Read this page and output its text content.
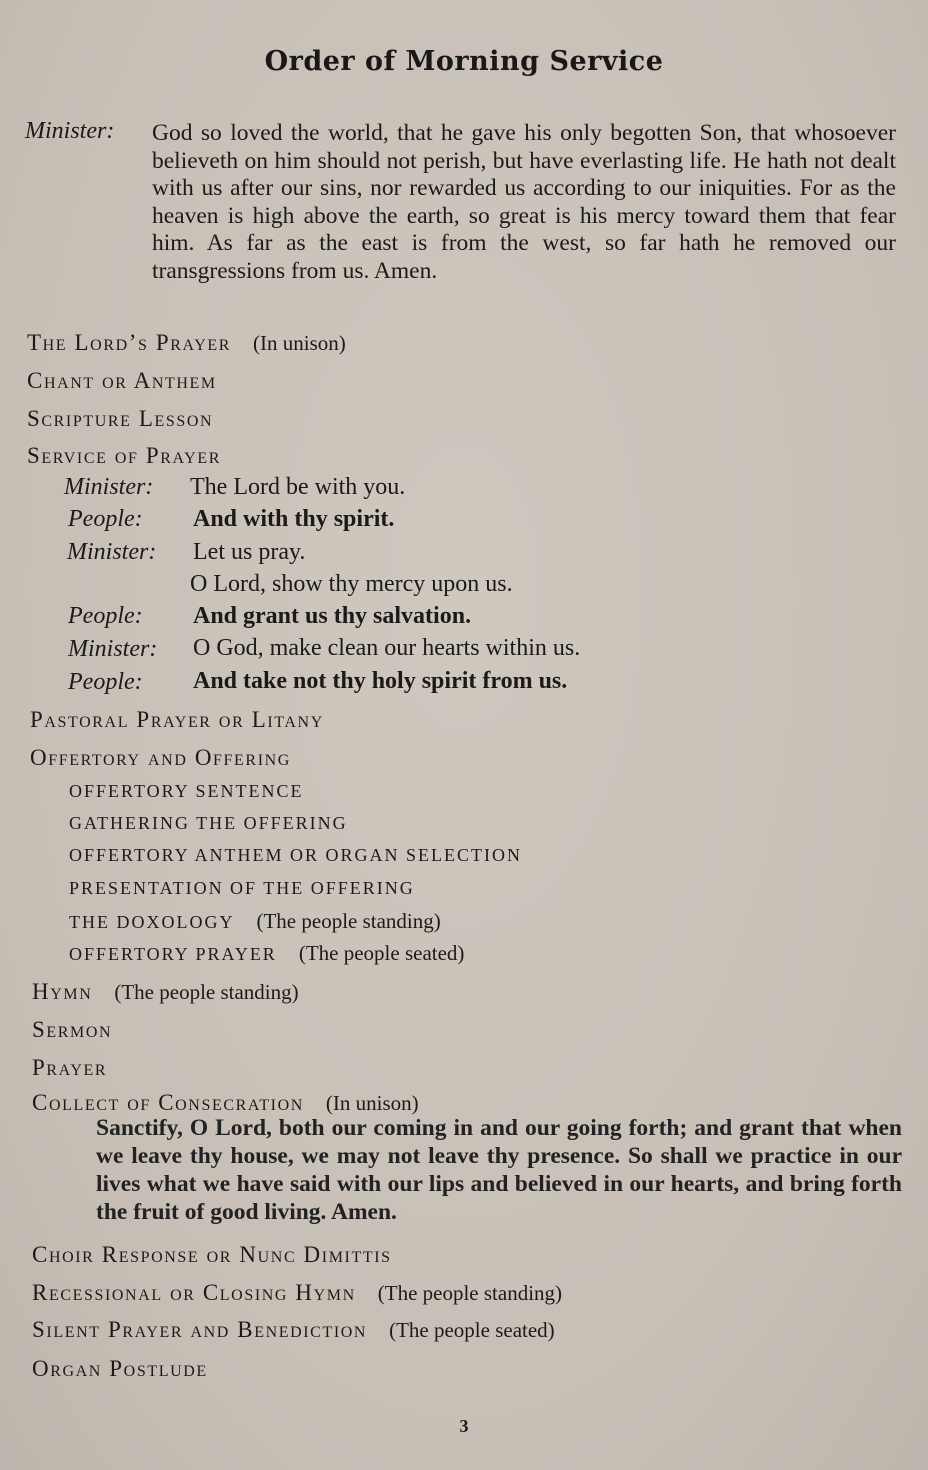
Order of Morning Service
Minister: God so loved the world, that he gave his only begotten Son, that whosoever believeth on him should not perish, but have everlasting life. He hath not dealt with us after our sins, nor rewarded us according to our iniquities. For as the heaven is high above the earth, so great is his mercy toward them that fear him. As far as the east is from the west, so far hath he removed our transgressions from us. Amen.
The Lord’s Prayer (In unison)
Chant or Anthem
Scripture Lesson
Service of Prayer
Minister: The Lord be with you.
People: And with thy spirit.
Minister: Let us pray.
O Lord, show thy mercy upon us.
People: And grant us thy salvation.
Minister: O God, make clean our hearts within us.
People: And take not thy holy spirit from us.
Pastoral Prayer or Litany
Offertory and Offering
OFFERTORY SENTENCE
GATHERING THE OFFERING
OFFERTORY ANTHEM OR ORGAN SELECTION
PRESENTATION OF THE OFFERING
THE DOXOLOGY (The people standing)
OFFERTORY PRAYER (The people seated)
Hymn (The people standing)
Sermon
Prayer
Collect of Consecration (In unison)
Sanctify, O Lord, both our coming in and our going forth; and grant that when we leave thy house, we may not leave thy presence. So shall we practice in our lives what we have said with our lips and believed in our hearts, and bring forth the fruit of good living. Amen.
Choir Response or Nunc Dimittis
Recessional or Closing Hymn (The people standing)
Silent Prayer and Benediction (The people seated)
Organ Postlude
3
